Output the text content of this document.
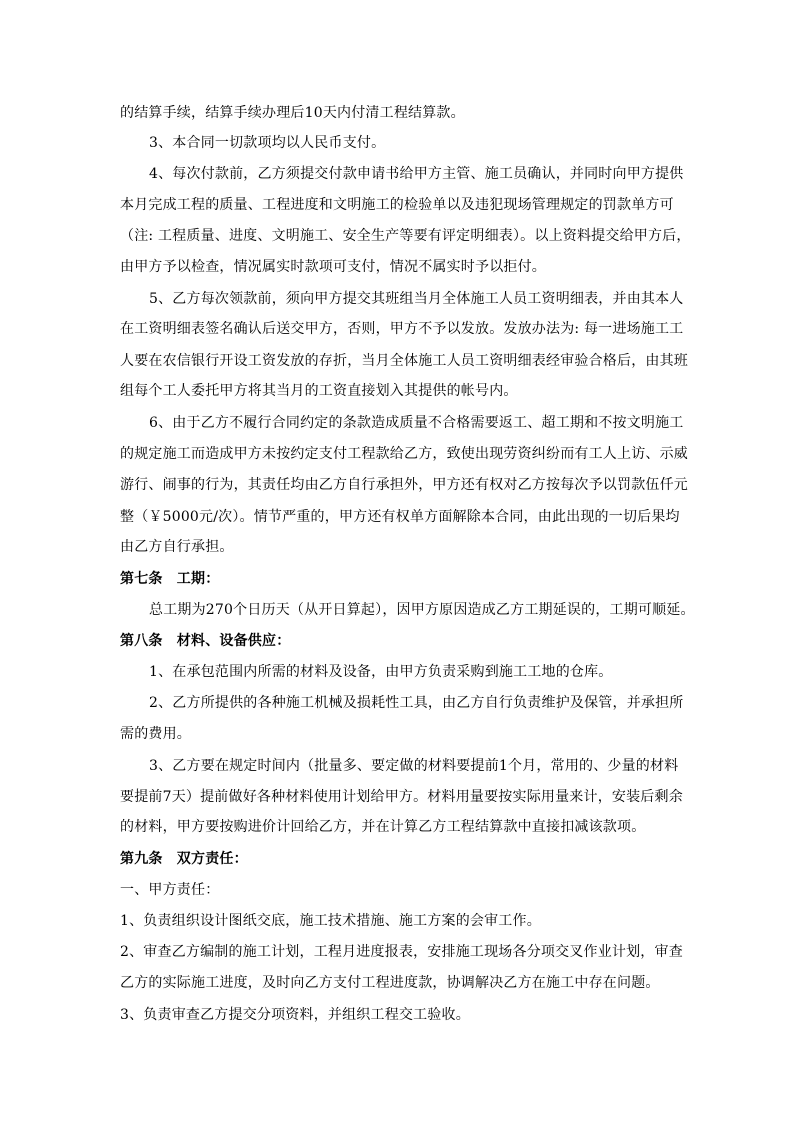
的结算手续，结算手续办理后10天内付清工程结算款。
3、本合同一切款项均以人民币支付。
4、每次付款前，乙方须提交付款申请书给甲方主管、施工员确认，并同时向甲方提供
本月完成工程的质量、工程进度和文明施工的检验单以及违犯现场管理规定的罚款单方可
（注: 工程质量、进度、文明施工、安全生产等要有评定明细表）。以上资料提交给甲方后，
由甲方予以检查，情况属实时款项可支付，情况不属实时予以拒付。
5、乙方每次领款前，须向甲方提交其班组当月全体施工人员工资明细表，并由其本人
在工资明细表签名确认后送交甲方，否则，甲方不予以发放。发放办法为: 每一进场施工工
人要在农信银行开设工资发放的存折，当月全体施工人员工资明细表经审验合格后，由其班
组每个工人委托甲方将其当月的工资直接划入其提供的帐号内。
6、由于乙方不履行合同约定的条款造成质量不合格需要返工、超工期和不按文明施工
的规定施工而造成甲方未按约定支付工程款给乙方，致使出现劳资纠纷而有工人上访、示威
游行、闹事的行为，其责任均由乙方自行承担外，甲方还有权对乙方按每次予以罚款伍仟元
整（￥5000元/次）。情节严重的，甲方还有权单方面解除本合同，由此出现的一切后果均
由乙方自行承担。
第七条　工期：
总工期为270个日历天（从开日算起），因甲方原因造成乙方工期延误的，工期可顺延。
第八条　材料、设备供应：
1、在承包范围内所需的材料及设备，由甲方负责采购到施工工地的仓库。
2、乙方所提供的各种施工机械及损耗性工具，由乙方自行负责维护及保管，并承担所
需的费用。
3、乙方要在规定时间内（批量多、要定做的材料要提前1个月，常用的、少量的材料
要提前7天）提前做好各种材料使用计划给甲方。材料用量要按实际用量来计，安装后剩余
的材料，甲方要按购进价计回给乙方，并在计算乙方工程结算款中直接扣减该款项。
第九条　双方责任：
一、甲方责任：
1、负责组织设计图纸交底，施工技术措施、施工方案的会审工作。
2、审查乙方编制的施工计划，工程月进度报表，安排施工现场各分项交叉作业计划，审查
乙方的实际施工进度，及时向乙方支付工程进度款，协调解决乙方在施工中存在问题。
3、负责审查乙方提交分项资料，并组织工程交工验收。
